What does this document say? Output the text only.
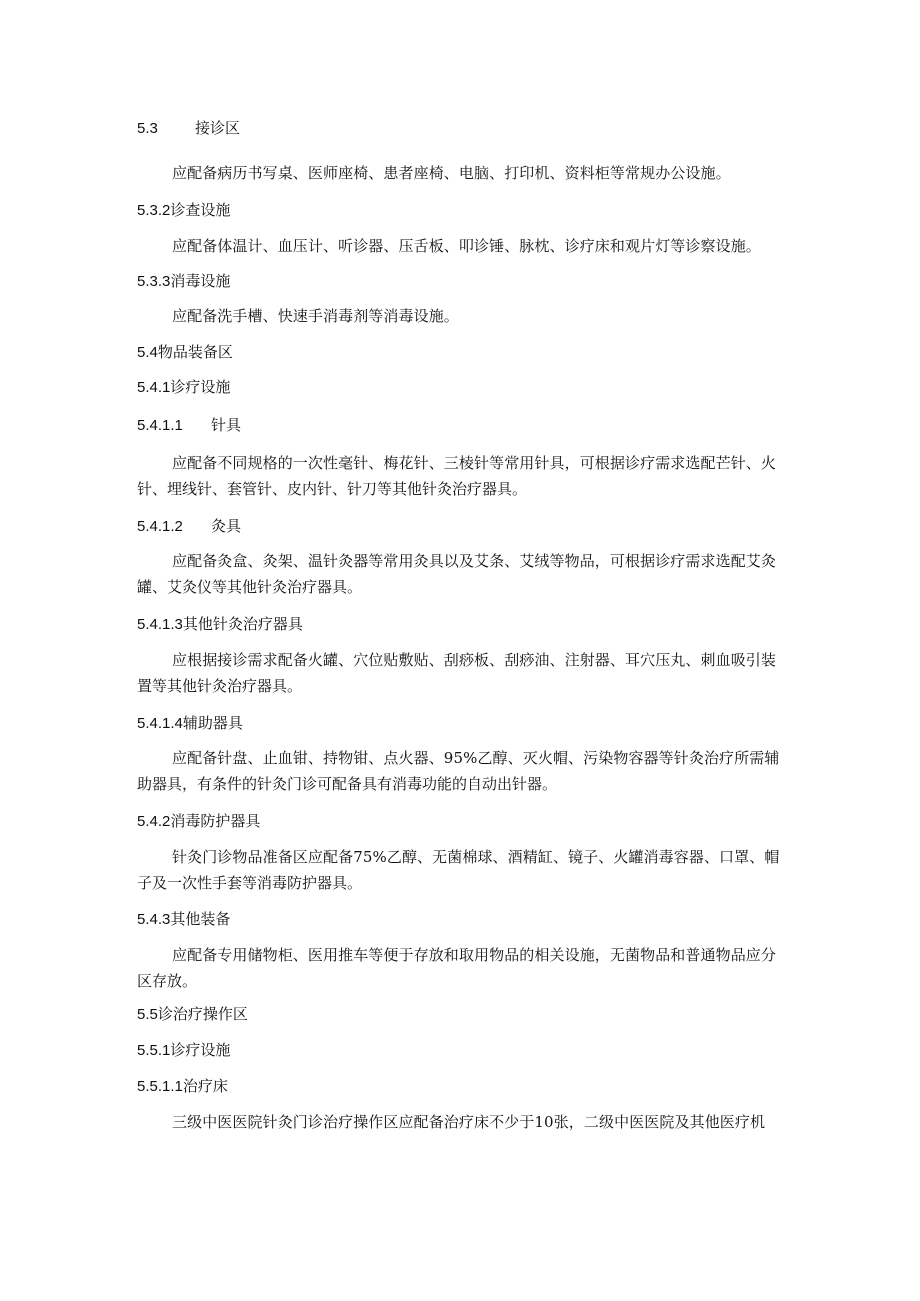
5.3 接诊区
应配备病历书写桌、医师座椅、患者座椅、电脑、打印机、资料柜等常规办公设施。
5.3.2诊查设施
应配备体温计、血压计、听诊器、压舌板、叩诊锤、脉枕、诊疗床和观片灯等诊察设施。
5.3.3消毒设施
应配备洗手槽、快速手消毒剂等消毒设施。
5.4物品装备区
5.4.1诊疗设施
5.4.1.1 针具
应配备不同规格的一次性毫针、梅花针、三棱针等常用针具，可根据诊疗需求选配芒针、火
针、埋线针、套管针、皮内针、针刀等其他针灸治疗器具。
5.4.1.2 灸具
应配备灸盒、灸架、温针灸器等常用灸具以及艾条、艾绒等物品，可根据诊疗需求选配艾灸
罐、艾灸仪等其他针灸治疗器具。
5.4.1.3其他针灸治疗器具
应根据接诊需求配备火罐、穴位贴敷贴、刮痧板、刮痧油、注射器、耳穴压丸、刺血吸引装
置等其他针灸治疗器具。
5.4.1.4辅助器具
应配备针盘、止血钳、持物钳、点火器、95%乙醇、灭火帽、污染物容器等针灸治疗所需辅
助器具，有条件的针灸门诊可配备具有消毒功能的自动出针器。
5.4.2消毒防护器具
针灸门诊物品准备区应配备75%乙醇、无菌棉球、酒精缸、镜子、火罐消毒容器、口罩、帽
子及一次性手套等消毒防护器具。
5.4.3其他装备
应配备专用储物柜、医用推车等便于存放和取用物品的相关设施，无菌物品和普通物品应分
区存放。
5.5诊治疗操作区
5.5.1诊疗设施
5.5.1.1治疗床
三级中医医院针灸门诊治疗操作区应配备治疗床不少于10张，二级中医医院及其他医疗机
